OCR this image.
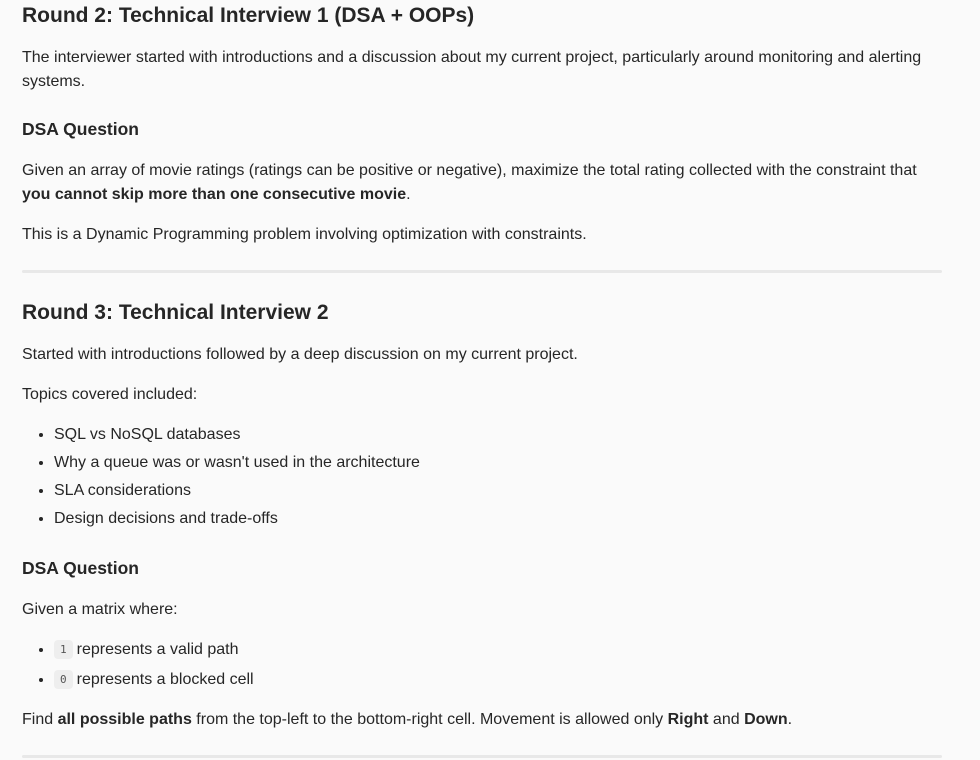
Round 2: Technical Interview 1 (DSA + OOPs)

The interviewer started with introductions and a discussion about my current project, particularly around monitoring and alerting systems.

DSA Question

Given an array of movie ratings (ratings can be positive or negative), maximize the total rating collected with the constraint that you cannot skip more than one consecutive movie.

This is a Dynamic Programming problem involving optimization with constraints.

Round 3: Technical Interview 2

Started with introductions followed by a deep discussion on my current project.

Topics covered included:

• SQL vs NoSQL databases
• Why a queue was or wasn't used in the architecture
• SLA considerations
• Design decisions and trade-offs
DSA Question

Given a matrix where:

• 1 represents a valid path
• 0 represents a blocked cell

Find all possible paths from the top-left to the bottom-right cell. Movement is allowed only Right and Down.
